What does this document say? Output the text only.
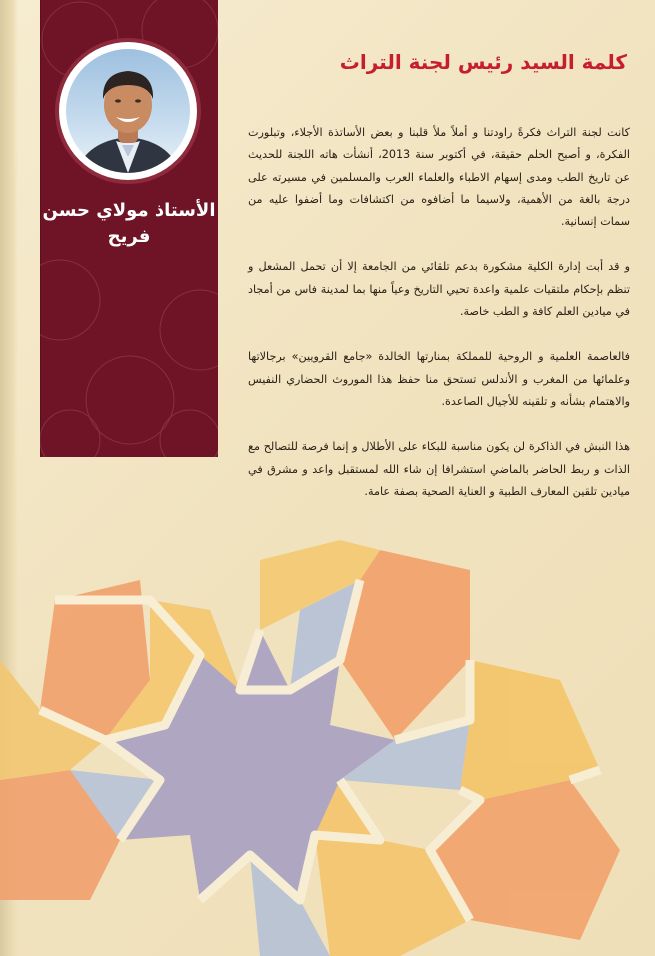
الأستاذ مولاي حسن
فريح
كلمة السيد رئيس لجنة التراث

كانت لجنة التراث فكرةً راودتنا و أملاً ملأ قلبنا و بعض الأساتذة الأجلاء، وتبلورت الفكرة، و أصبح الحلم حقيقة، في أكتوبر سنة 2013، أنشأت هاته اللجنة للحديث عن تاريخ الطب ومدى إسهام الاطباء والعلماء العرب والمسلمين في مسيرته على درجة بالغة من الأهمية، ولاسيما ما أضافوه من اكتشافات وما أضفوا عليه من سمات إنسانية.

و قد أبت إدارة الكلية مشكورة بدعم تلقائي من الجامعة إلا أن تحمل المشعل و تنظم بإحكام ملتقيات علمية واعدة تحيي التاريخ وعياً منها بما لمدينة فاس من أمجاد في ميادين العلم كافة و الطب خاصة.

فالعاصمة العلمية و الروحية للمملكة بمنارتها الخالدة «جامع القرويين» برجالاتها وعلمائها من المغرب و الأندلس تستحق منا حفظ هذا الموروث الحضاري النفيس والاهتمام بشأنه و تلقينه للأجيال الصاعدة.

هذا النبش في الذاكرة لن يكون مناسبة للبكاء على الأطلال و إنما فرصة للتصالح مع الذات و ربط الحاضر بالماضي استشرافا إن شاء الله لمستقبل واعد و مشرق في ميادين تلقين المعارف الطبية و العناية الصحية بصفة عامة.
